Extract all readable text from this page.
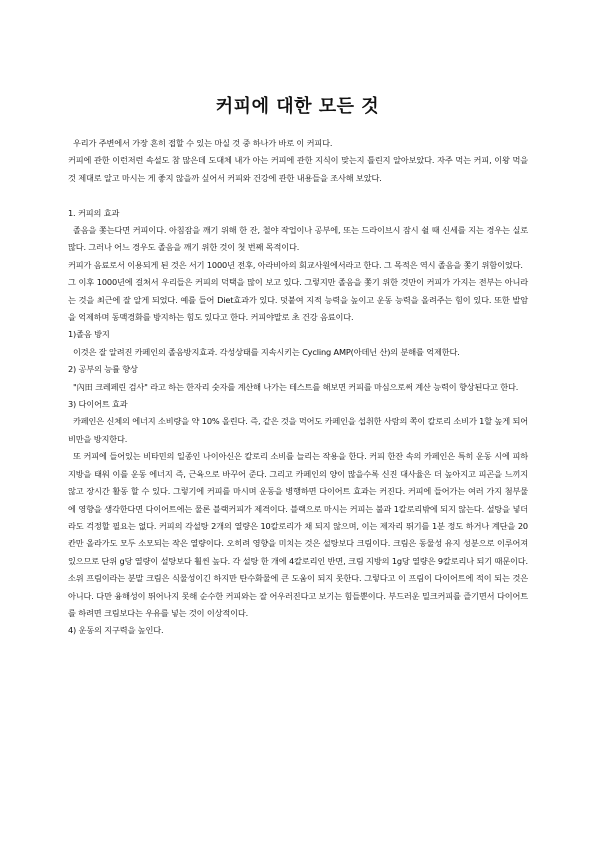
커피에 대한 모든 것

우리가 주변에서 가장 흔히 접할 수 있는 마실 것 중 하나가 바로 이 커피다.

커피에 관한 이런저런 속설도 참 많은데 도대체 내가 아는 커피에 관한 지식이 맞는지 틀린지 알아보았다. 자주 먹는 커피, 이왕 먹을 것 제대로 알고 마시는 게 좋지 않을까 싶어서 커피와 건강에 관한 내용들을 조사해 보았다.

1. 커피의 효과

졸음을 쫓는다면 커피이다. 아침잠을 깨기 위해 한 잔, 철야 작업이나 공부에, 또는 드라이브시 잠시 쉴 때 신세를 지는 경우는 실로 많다. 그러나 어느 경우도 졸음을 깨기 위한 것이 첫 번째 목적이다.

커피가 음료로서 이용되게 된 것은 서기 1000년 전후, 아라비아의 회교사원에서라고 한다. 그 목적은 역시 졸음을 쫓기 위함이었다.

그 이후 1000년에 걸쳐서 우리들은 커피의 덕택을 많이 보고 있다. 그렇지만 졸음을 쫓기 위한 것만이 커피가 가지는 전부는 아니라는 것을 최근에 잘 알게 되었다. 예를 들어 Diet효과가 있다. 덧붙여 지적 능력을 높이고 운동 능력을 올려주는 힘이 있다. 또한 발암을 억제하며 동맥경화를 방지하는 힘도 있다고 한다. 커피야말로 초 건강 음료이다.

1)졸음 방지

이것은 잘 알려진 카페인의 졸음방지효과. 각성상태를 지속시키는 Cycling AMP(아데닌 산)의 분해를 억제한다.

2) 공부의 능률 향상

"內田 크레페린 검사" 라고 하는 한자리 숫자를 계산해 나가는 테스트를 해보면 커피를 마심으로써 계산 능력이 향상된다고 한다.

3) 다이어트 효과

카페인은 신체의 에너지 소비량을 약 10% 올린다. 즉, 같은 것을 먹어도 카페인을 섭취한 사람의 쪽이 칼로리 소비가 1할 높게 되어 비만을 방지한다.

또 커피에 들어있는 비타민의 일종인 나이아신은 칼로리 소비를 늘리는 작용을 한다. 커피 한잔 속의 카페인은 특히 운동 시에 피하지방을 태워 이를 운동 에너지 즉, 근육으로 바꾸어 준다. 그리고 카페인의 양이 많을수록 신진 대사율은 더 높아지고 피곤을 느끼지 않고 장시간 활동 할 수 있다. 그렇기에 커피를 마시며 운동을 병행하면 다이어트 효과는 커진다. 커피에 들어가는 여러 가지 첨부물에 영향을 생각한다면 다이어트에는 물론 블랙커피가 제격이다. 블랙으로 마시는 커피는 불과 1칼로리밖에 되지 않는다. 설탕을 넣더라도 걱정할 필요는 없다. 커피의 각설탕 2개의 열량은 10칼로리가 채 되지 않으며, 이는 제자리 뛰기를 1분 정도 하거나 계단을 20칸만 올라가도 모두 소모되는 작은 열량이다. 오히려 영향을 미치는 것은 설탕보다 크림이다. 크림은 동물성 유지 성분으로 이루어져 있으므로 단위 g당 열량이 설탕보다 훨씬 높다. 각 설탕 한 개에 4칼로리인 반면, 크림 지방의 1g당 열량은 9칼로리나 되기 때문이다. 소위 프림이라는 분말 크림은 식물성이긴 하지만 탄수화물에 큰 도움이 되지 못한다. 그렇다고 이 프림이 다이어트에 적이 되는 것은 아니다. 다만 융해성이 뛰어나지 못해 순수한 커피와는 잘 어우러진다고 보기는 힘들뿐이다. 부드러운 밀크커피를 즐기면서 다이어트를 하려면 크림보다는 우유를 넣는 것이 이상적이다.

4) 운동의 지구력을 높인다.
